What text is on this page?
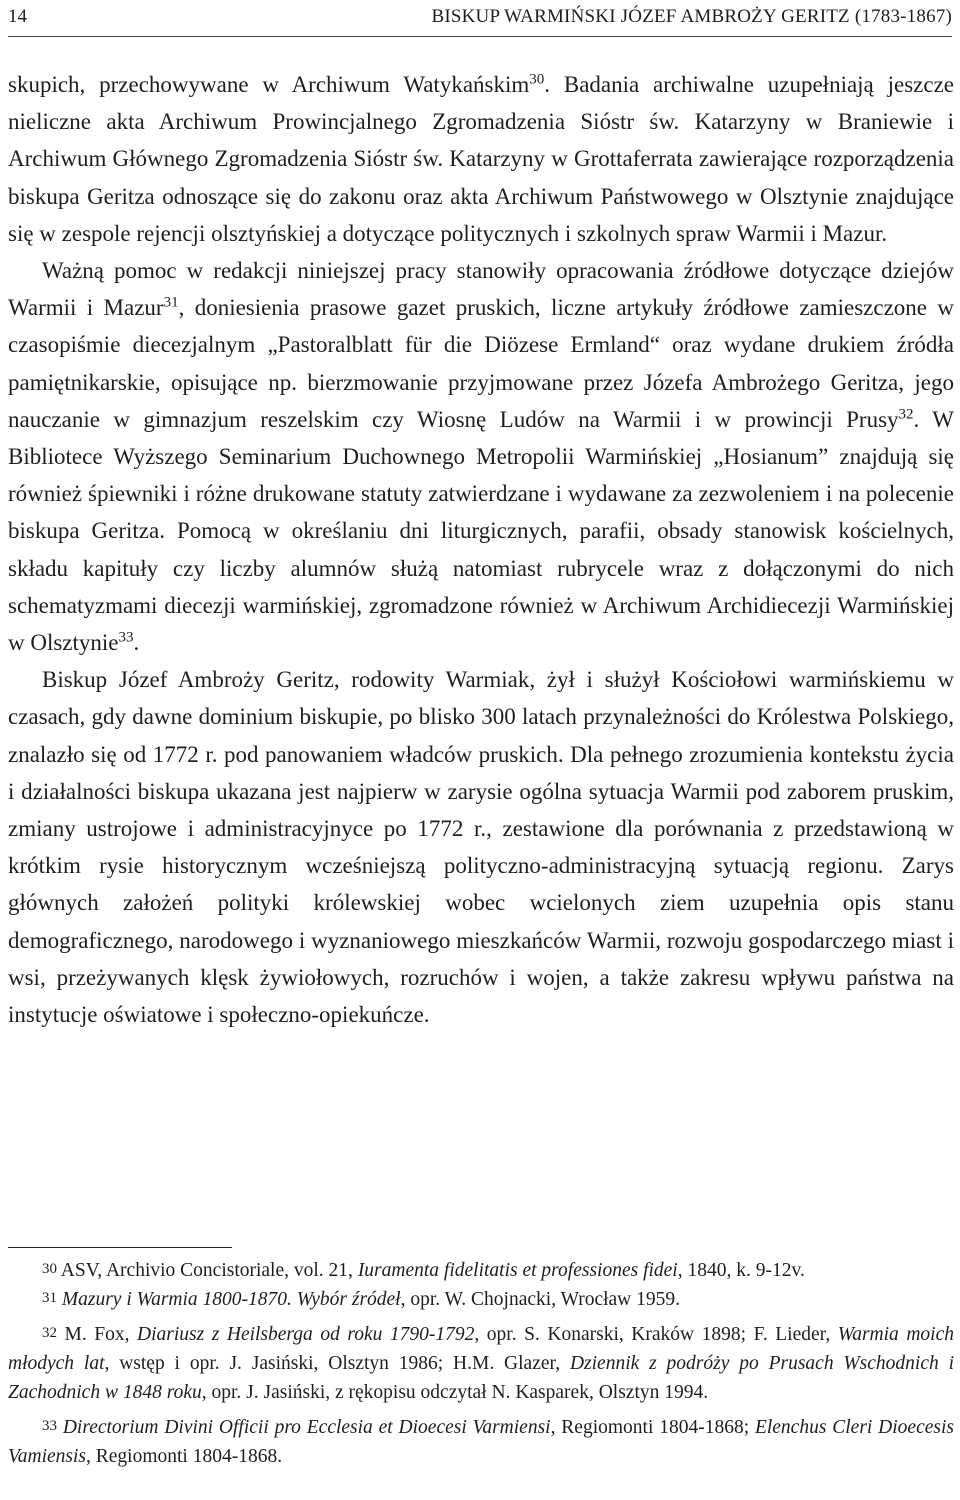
14	BISKUP WARMIŃSKI JÓZEF AMBROŻY GERITZ (1783-1867)

skupich, przechowywane w Archiwum Watykańskim$^{30}$. Badania archiwalne uzupełniają jeszcze nieliczne akta Archiwum Prowincjalnego Zgromadzenia Sióstr św. Katarzyny w Braniewie i Archiwum Głównego Zgromadzenia Sióstr św. Katarzyny w Grottaferrata zawierające rozporządzenia biskupa Geritza odnoszące się do zakonu oraz akta Archiwum Państwowego w Olsztynie znajdujące się w zespole rejencji olsztyńskiej a dotyczące politycznych i szkolnych spraw Warmii i Mazur.

Ważną pomoc w redakcji niniejszej pracy stanowiły opracowania źródłowe dotyczące dziejów Warmii i Mazur$^{31}$, doniesienia prasowe gazet pruskich, liczne artykuły źródłowe zamieszczone w czasopiśmie diecezjalnym „Pastoralblatt für die Diözese Ermland“ oraz wydane drukiem źródła pamiętnikarskie, opisujące np. bierzmowanie przyjmowane przez Józefa Ambrożego Geritza, jego nauczanie w gimnazjum reszelskim czy Wiosnę Ludów na Warmii i w prowincji Prusy$^{32}$. W Bibliotece Wyższego Seminarium Duchownego Metropolii Warmińskiej „Hosianum” znajdują się również śpiewniki i różne drukowane statuty zatwierdzane i wydawane za zezwoleniem i na polecenie biskupa Geritza. Pomocą w określaniu dni liturgicznych, parafii, obsady stanowisk kościelnych, składu kapituły czy liczby alumnów służą natomiast rubrycele wraz z dołączonymi do nich schematyzmami diecezji warmińskiej, zgromadzone również w Archiwum Archidiecezji Warmińskiej w Olsztynie$^{33}$.

Biskup Józef Ambroży Geritz, rodowity Warmiak, żył i służył Kościołowi warmińskiemu w czasach, gdy dawne dominium biskupie, po blisko 300 latach przynależności do Królestwa Polskiego, znalazło się od 1772 r. pod panowaniem władców pruskich. Dla pełnego zrozumienia kontekstu życia i działalności biskupa ukazana jest najpierw w zarysie ogólna sytuacja Warmii pod zaborem pruskim, zmiany ustrojowe i administracyjnyce po 1772 r., zestawione dla porównania z przedstawioną w krótkim rysie historycznym wcześniejszą polityczno-administracyjną sytuacją regionu. Zarys głównych założeń polityki królewskiej wobec wcielonych ziem uzupełnia opis stanu demograficznego, narodowego i wyznaniowego mieszkańców Warmii, rozwoju gospodarczego miast i wsi, przeżywanych klęsk żywiołowych, rozruchów i wojen, a także zakresu wpływu państwa na instytucje oświatowe i społeczno-opiekuńcze.

$^{30}$ ASV, Archivio Concistoriale, vol. 21, Iuramenta fidelitatis et professiones fidei, 1840, k. 9-12v.

$^{31}$ Mazury i Warmia 1800-1870. Wybór źródeł, opr. W. Chojnacki, Wrocław 1959.

$^{32}$ M. Fox, Diariusz z Heilsberga od roku 1790-1792, opr. S. Konarski, Kraków 1898; F. Lieder, Warmia moich młodych lat, wstęp i opr. J. Jasiński, Olsztyn 1986; H.M. Glazer, Dziennik z podróży po Prusach Wschodnich i Zachodnich w 1848 roku, opr. J. Jasiński, z rękopisu odczytał N. Kasparek, Olsztyn 1994.

$^{33}$ Directorium Divini Officii pro Ecclesia et Dioecesi Varmiensi, Regiomonti 1804-1868; Elenchus Cleri Dioecesis Vamiensis, Regiomonti 1804-1868.
